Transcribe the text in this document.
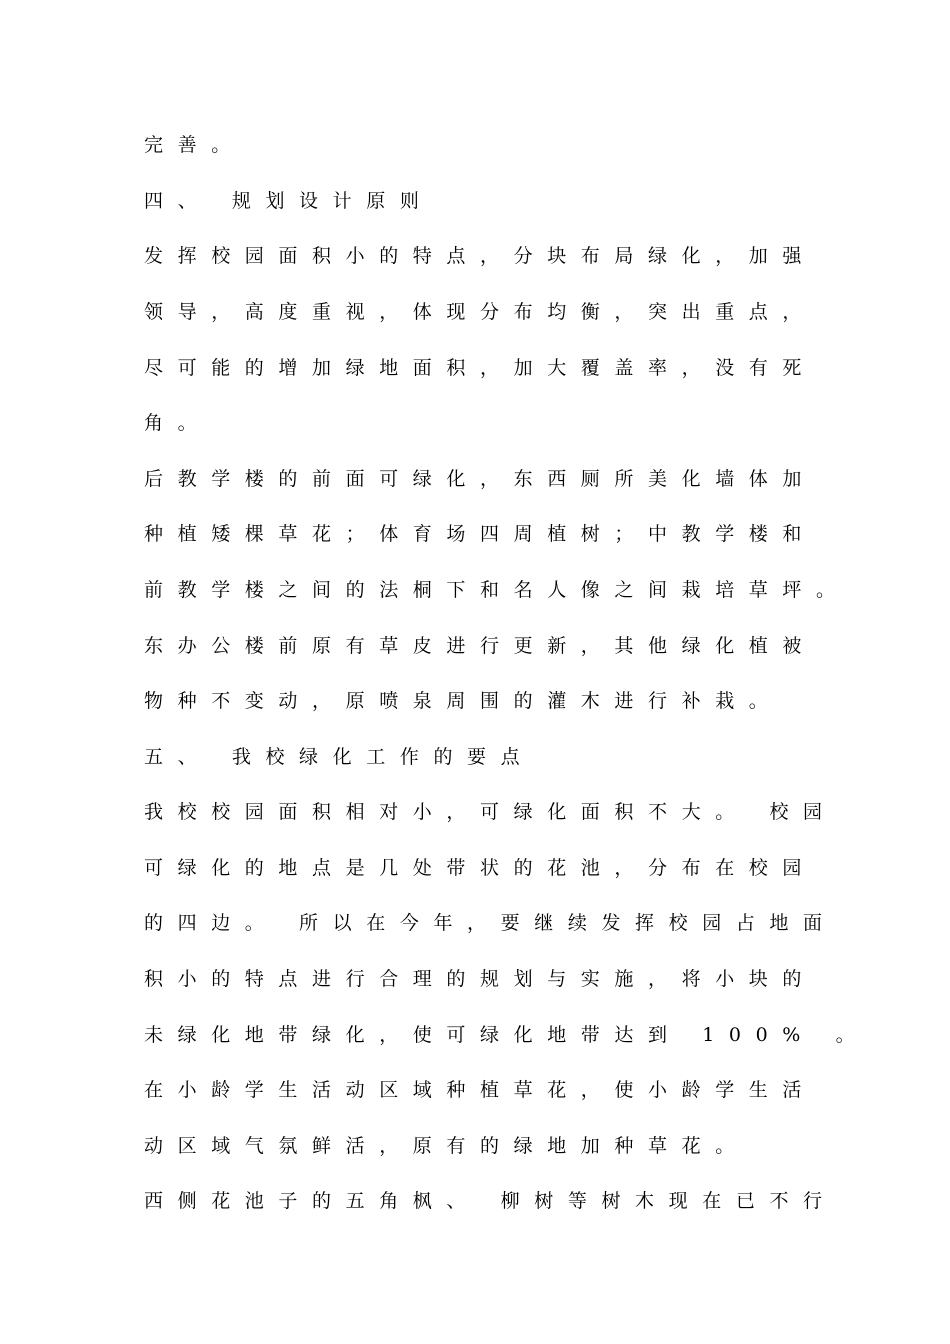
完善。
四、 规划设计原则
发挥校园面积小的特点，分块布局绿化，加强
领导，高度重视，体现分布均衡，突出重点，
尽可能的增加绿地面积，加大覆盖率，没有死
角。
后教学楼的前面可绿化，东西厕所美化墙体加
种植矮棵草花；体育场四周植树；中教学楼和
前教学楼之间的法桐下和名人像之间栽培草坪。
东办公楼前原有草皮进行更新，其他绿化植被
物种不变动，原喷泉周围的灌木进行补栽。
五、 我校绿化工作的要点
我校校园面积相对小，可绿化面积不大。 校园
可绿化的地点是几处带状的花池，分布在校园
的四边。 所以在今年，要继续发挥校园占地面
积小的特点进行合理的规划与实施，将小块的
未绿化地带绿化，使可绿化地带达到 100% 。
在小龄学生活动区域种植草花，使小龄学生活
动区域气氛鲜活，原有的绿地加种草花。
西侧花池子的五角枫、 柳树等树木现在已不行
